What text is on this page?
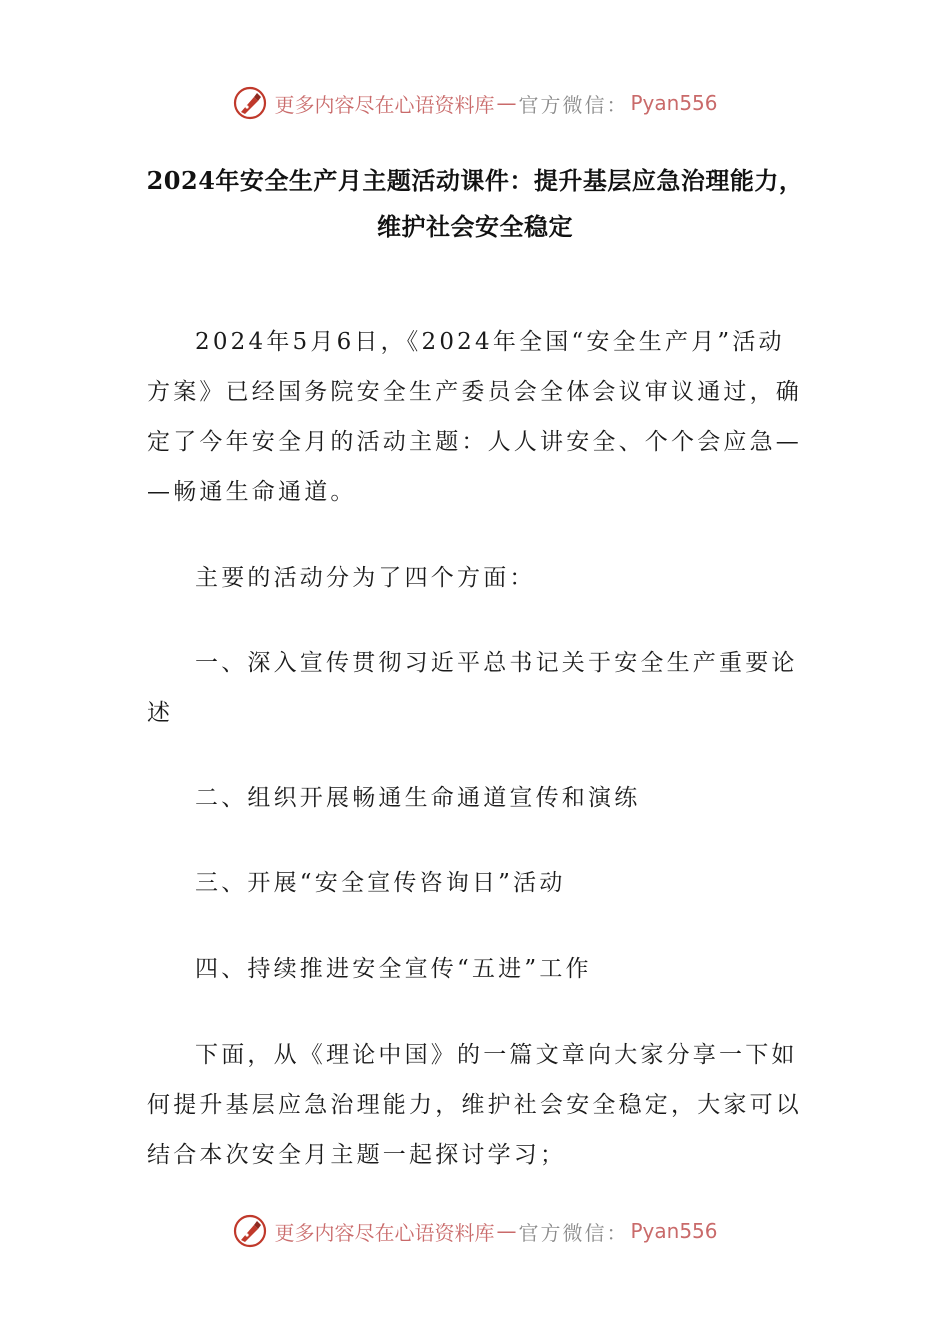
更多内容尽在心语资料库 — 官方微信： Pyan556
2024年安全生产月主题活动课件：提升基层应急治理能力，
维护社会安全稳定
2024年5月6日，《2024年全国“安全生产月”活动
方案》已经国务院安全生产委员会全体会议审议通过，确
定了今年安全月的活动主题：人人讲安全、个个会应急—
—畅通生命通道。
主要的活动分为了四个方面：
一、深入宣传贯彻习近平总书记关于安全生产重要论
述
二、组织开展畅通生命通道宣传和演练
三、开展“安全宣传咨询日”活动
四、持续推进安全宣传“五进”工作
下面，从《理论中国》的一篇文章向大家分享一下如
何提升基层应急治理能力，维护社会安全稳定，大家可以
结合本次安全月主题一起探讨学习；
更多内容尽在心语资料库 — 官方微信： Pyan556
